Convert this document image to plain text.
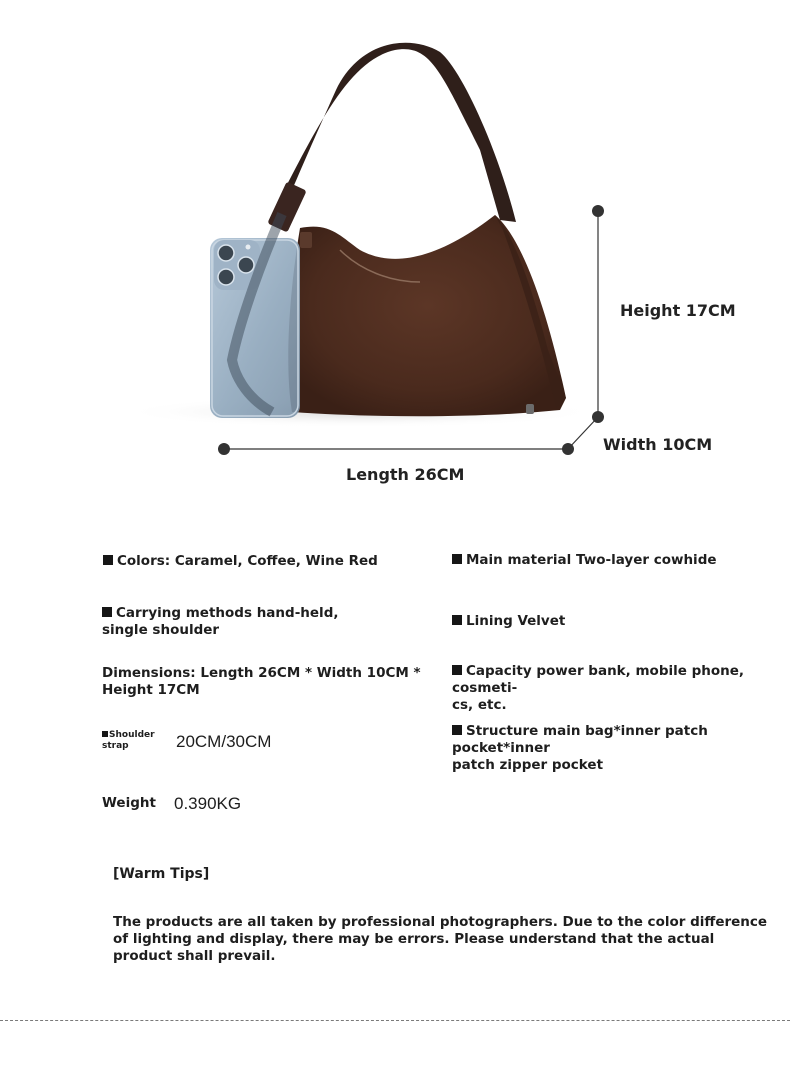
Height 17CM
Width 10CM
Length 26CM
Colors: Caramel, Coffee, Wine Red	Main material Two-layer cowhide
Carrying methods hand-held,
single shoulder
Lining Velvet
Dimensions: Length 26CM * Width 10CM *
Height 17CM
Capacity power bank, mobile phone, cosmeti-
cs, etc.
Shoulder
strap	20CM/30CM
Structure main bag*inner patch pocket*inner
patch zipper pocket
Weight 0.390KG
[Warm Tips]
The products are all taken by professional photographers. Due to the color difference of lighting and display, there may be errors. Please understand that the actual product shall prevail.
